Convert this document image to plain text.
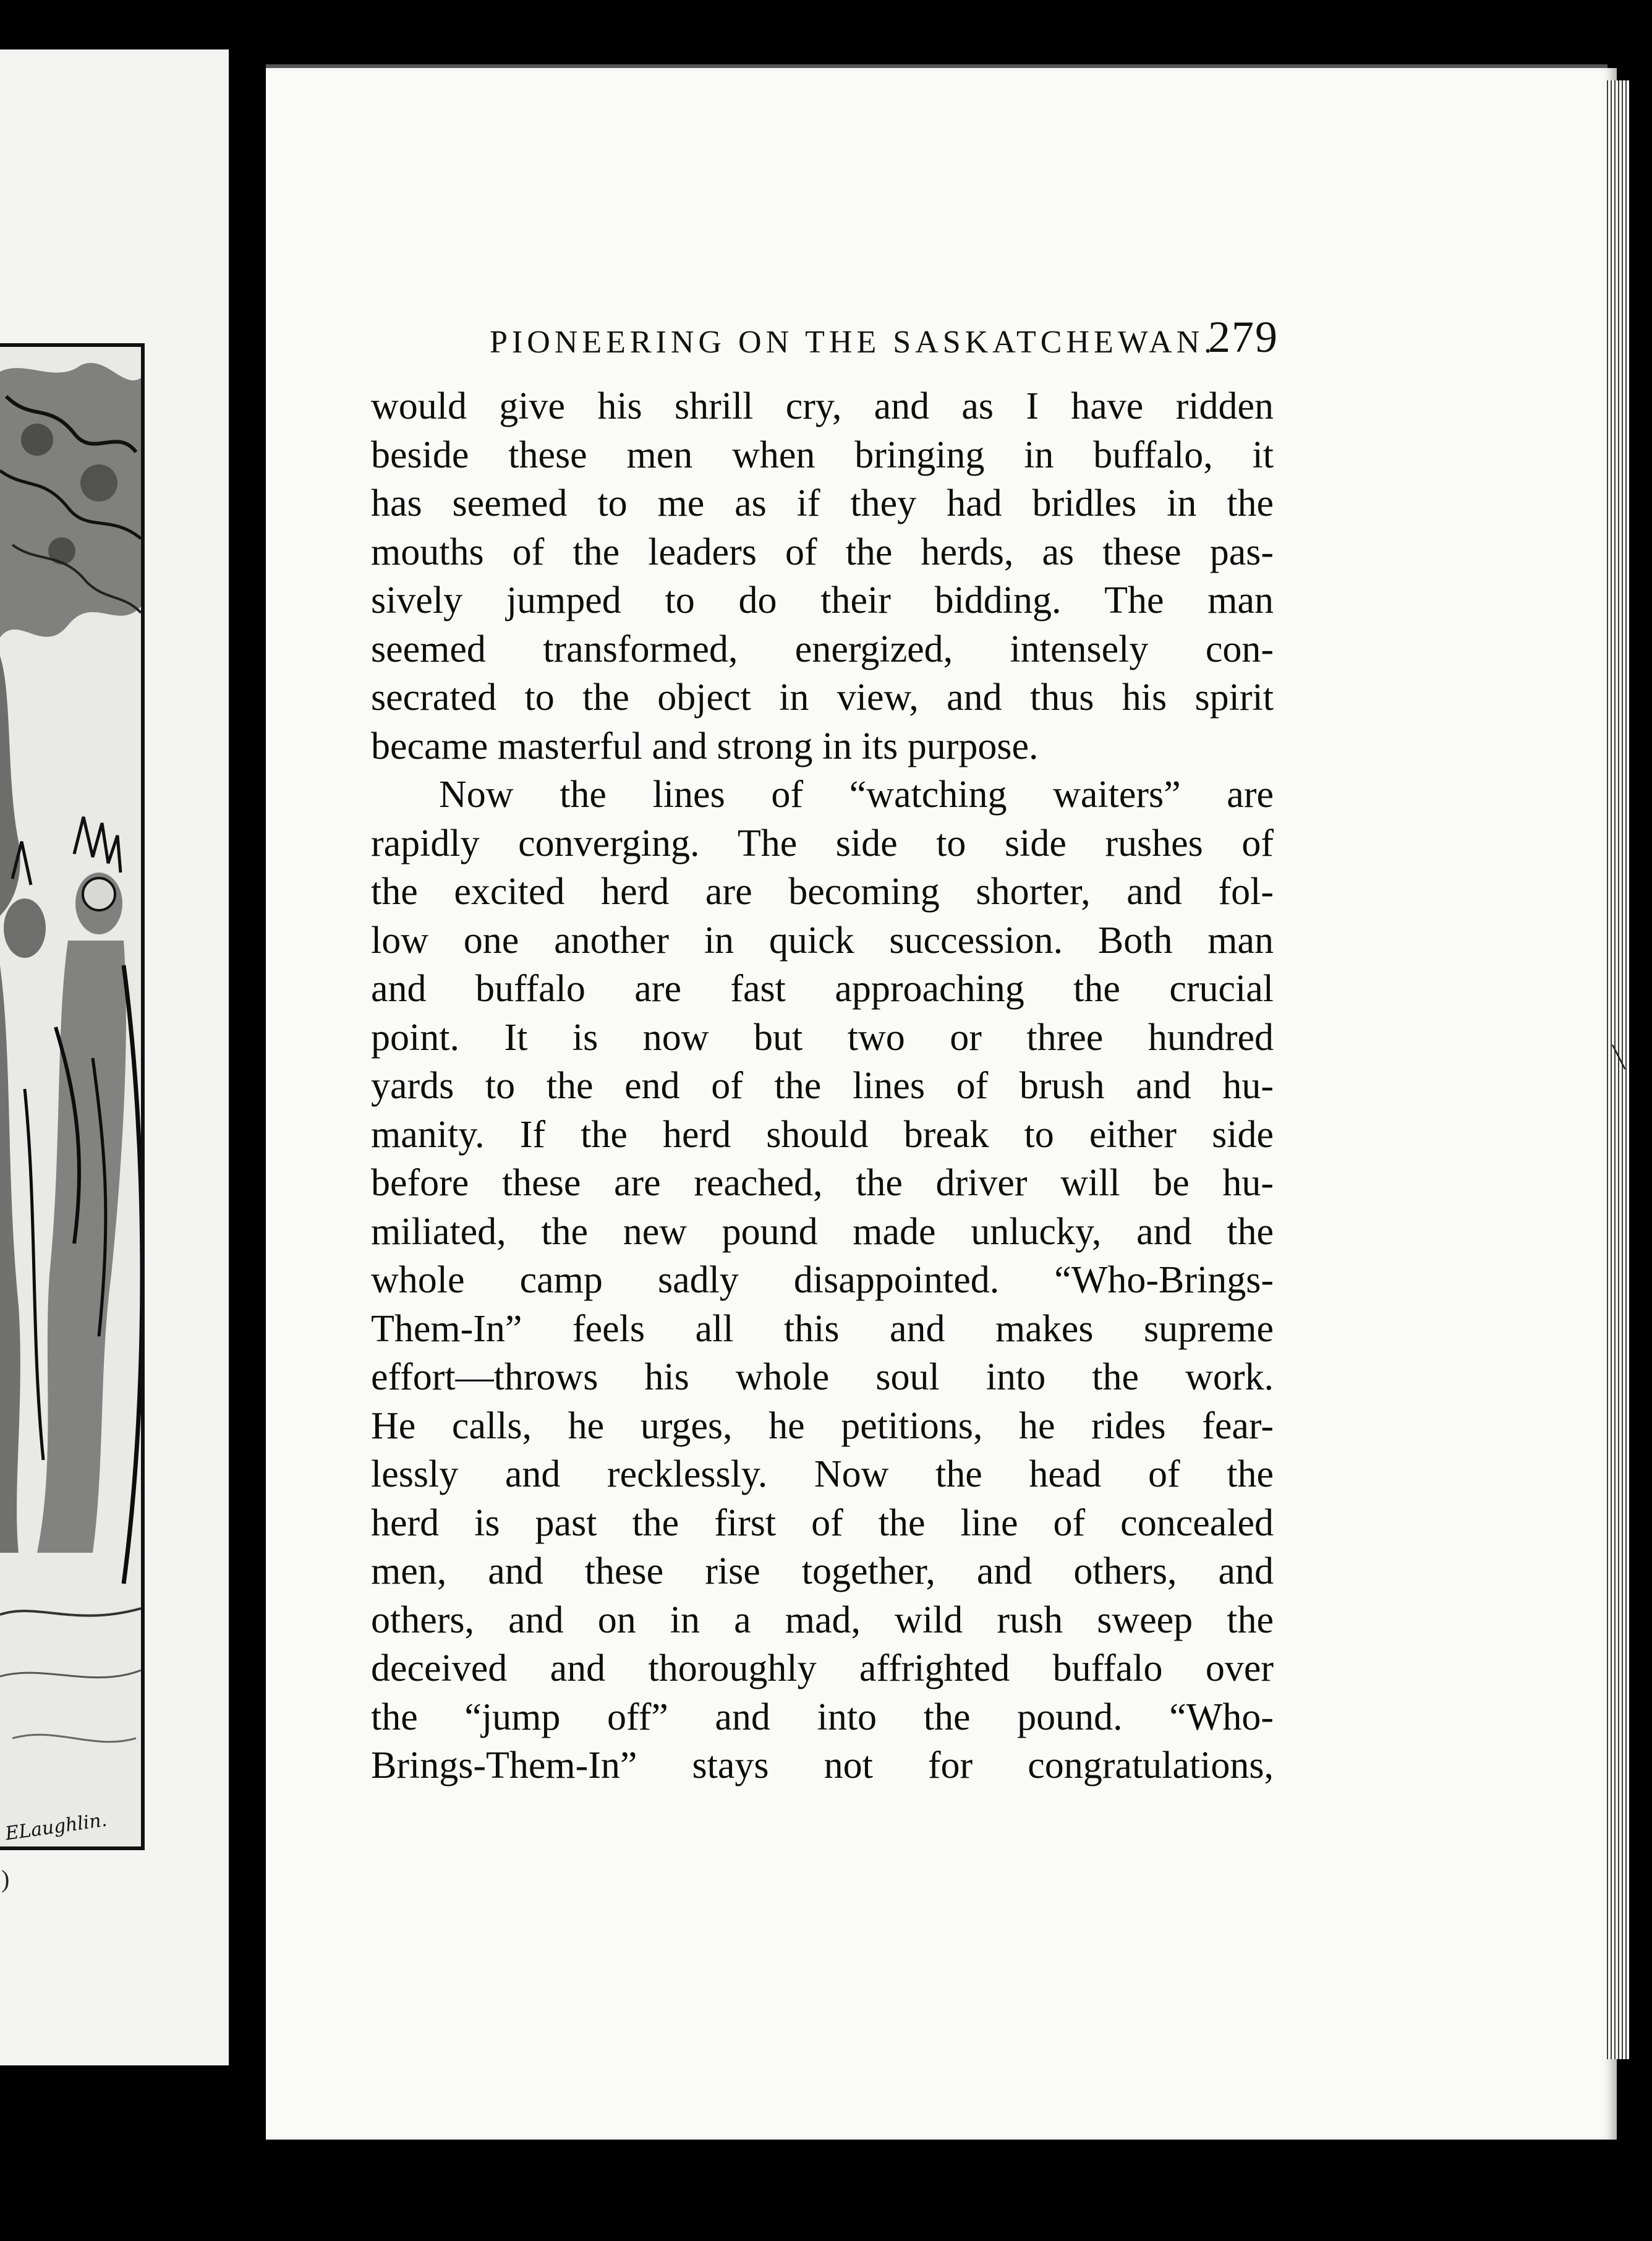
ELaughlin.
)
PIONEERING ON THE SASKATCHEWAN.
279
would give his shrill cry, and as I have ridden
beside these men when bringing in buffalo, it
has seemed to me as if they had bridles in the
mouths of the leaders of the herds, as these pas-
sively jumped to do their bidding. The man
seemed transformed, energized, intensely con-
secrated to the object in view, and thus his spirit
became masterful and strong in its purpose.
Now the lines of “watching waiters” are
rapidly converging. The side to side rushes of
the excited herd are becoming shorter, and fol-
low one another in quick succession. Both man
and buffalo are fast approaching the crucial
point. It is now but two or three hundred
yards to the end of the lines of brush and hu-
manity. If the herd should break to either side
before these are reached, the driver will be hu-
miliated, the new pound made unlucky, and the
whole camp sadly disappointed. “Who-Brings-
Them-In” feels all this and makes supreme
effort—throws his whole soul into the work.
He calls, he urges, he petitions, he rides fear-
lessly and recklessly. Now the head of the
herd is past the first of the line of concealed
men, and these rise together, and others, and
others, and on in a mad, wild rush sweep the
deceived and thoroughly affrighted buffalo over
the “jump off” and into the pound. “Who-
Brings-Them-In” stays not for congratulations,
╲
